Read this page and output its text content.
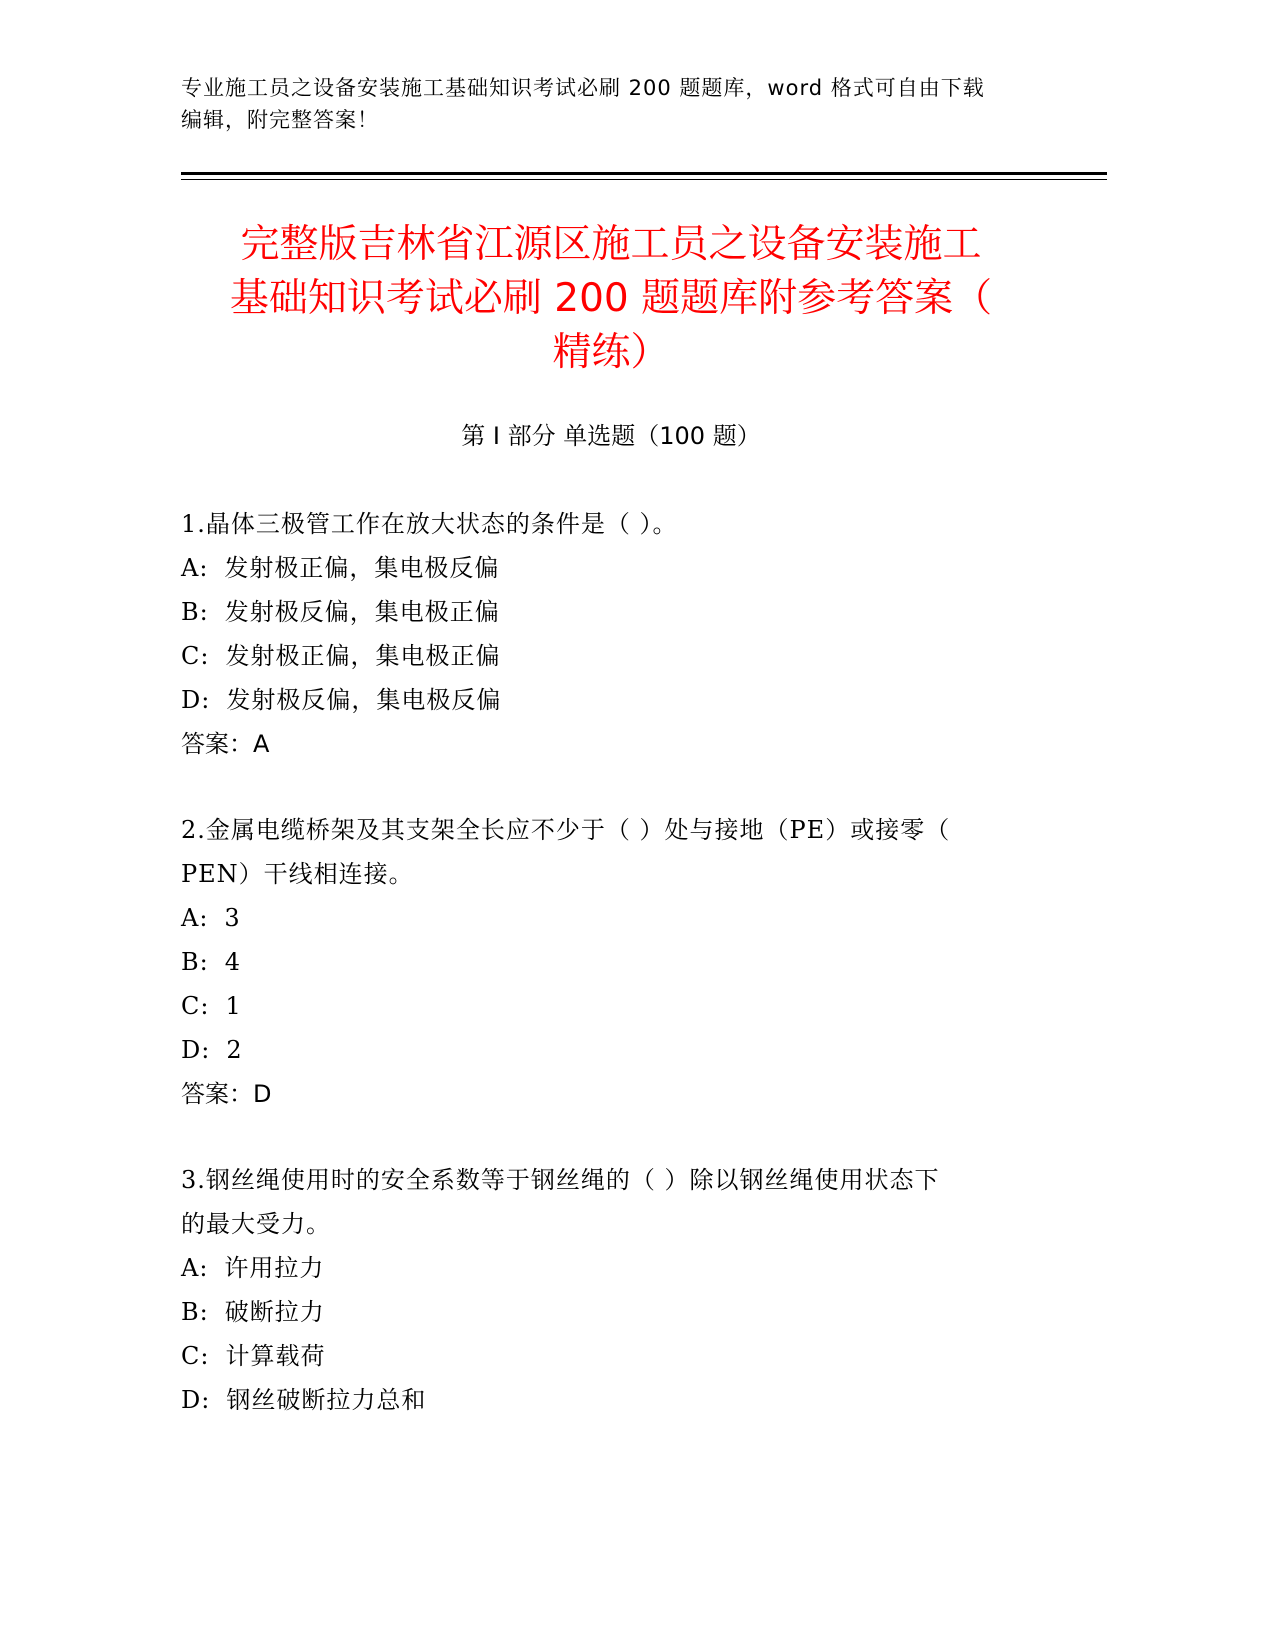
专业施工员之设备安装施工基础知识考试必刷 200 题题库，word 格式可自由下载
编辑，附完整答案！
完整版吉林省江源区施工员之设备安装施工
基础知识考试必刷 200 题题库附参考答案（
精练）
第 I 部分 单选题（100 题）
1.晶体三极管工作在放大状态的条件是（ ）。
A: 发射极正偏，集电极反偏
B: 发射极反偏，集电极正偏
C: 发射极正偏，集电极正偏
D: 发射极反偏，集电极反偏
答案：A
2.金属电缆桥架及其支架全长应不少于（ ）处与接地（PE）或接零（
PEN）干线相连接。
A: 3
B: 4
C: 1
D: 2
答案：D
3.钢丝绳使用时的安全系数等于钢丝绳的（ ）除以钢丝绳使用状态下
的最大受力。
A: 许用拉力
B: 破断拉力
C: 计算载荷
D: 钢丝破断拉力总和
